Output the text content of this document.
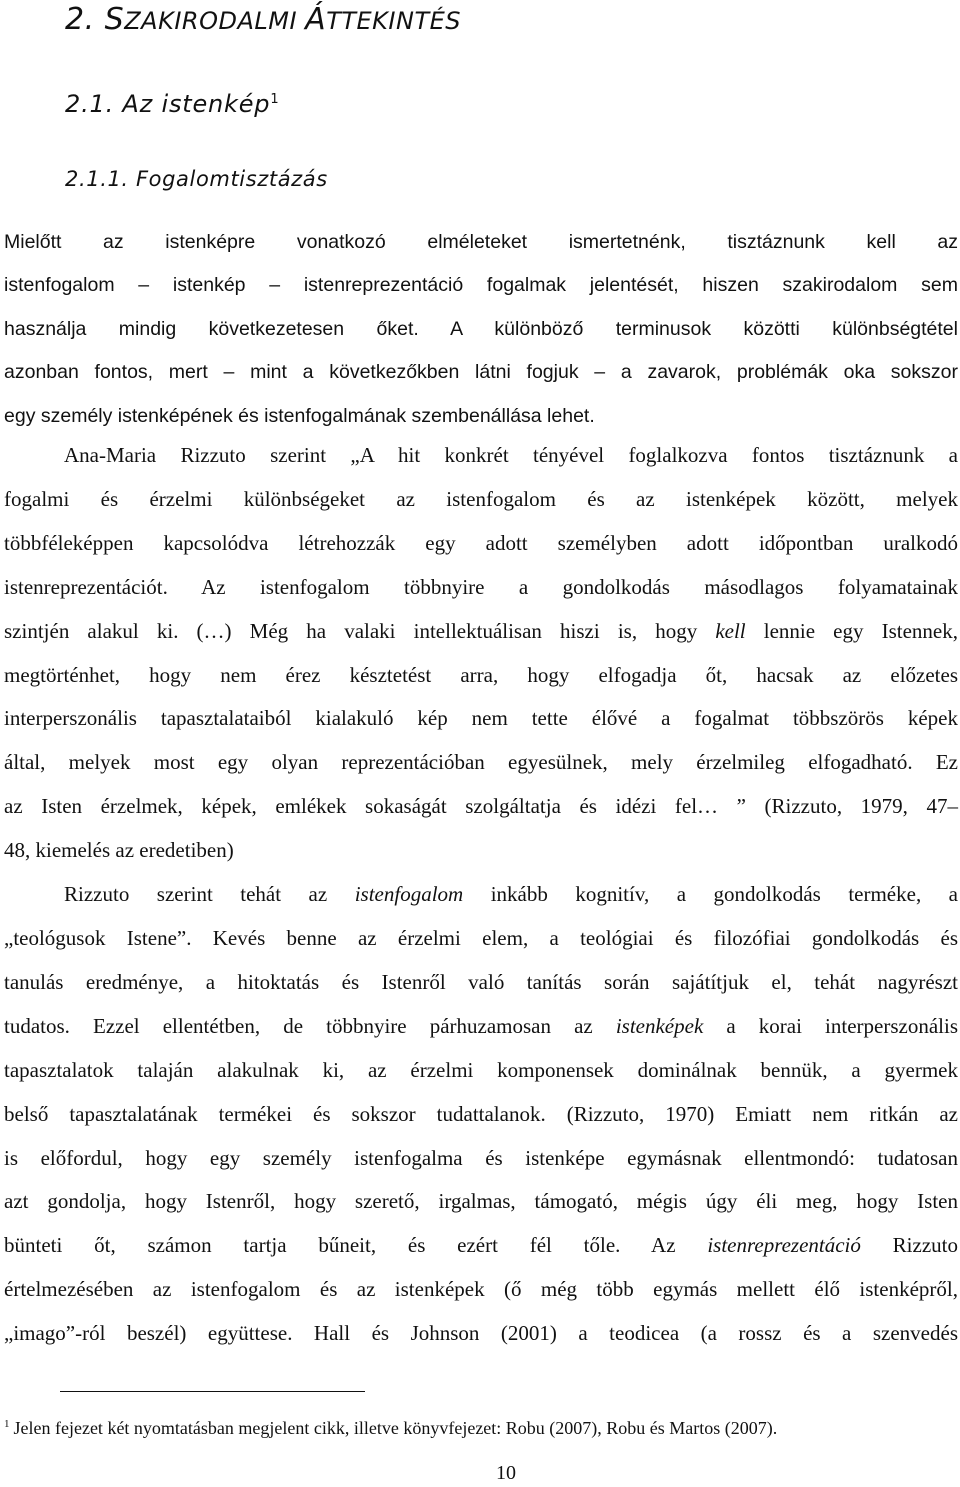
2. SZAKIRODALMI ÁTTEKINTÉS
2.1. Az istenkép$^1$
2.1.1. Fogalomtisztázás
Mielőtt az istenképre vonatkozó elméleteket ismertetnénk, tisztáznunk kell az
istenfogalom – istenkép – istenreprezentáció fogalmak jelentését, hiszen szakirodalom sem
használja mindig következetesen őket. A különböző terminusok közötti különbségtétel
azonban fontos, mert – mint a következőkben látni fogjuk – a zavarok, problémák oka sokszor
egy személy istenképének és istenfogalmának szembenállása lehet.
Ana-Maria Rizzuto szerint „A hit konkrét tényével foglalkozva fontos tisztáznunk a
fogalmi és érzelmi különbségeket az istenfogalom és az istenképek között, melyek
többféleképpen kapcsolódva létrehozzák egy adott személyben adott időpontban uralkodó
istenreprezentációt. Az istenfogalom többnyire a gondolkodás másodlagos folyamatainak
szintjén alakul ki. (…) Még ha valaki intellektuálisan hiszi is, hogy kell lennie egy Istennek,
megtörténhet, hogy nem érez késztetést arra, hogy elfogadja őt, hacsak az előzetes
interperszonális tapasztalataiból kialakuló kép nem tette élővé a fogalmat többszörös képek
által, melyek most egy olyan reprezentációban egyesülnek, mely érzelmileg elfogadható. Ez
az Isten érzelmek, képek, emlékek sokaságát szolgáltatja és idézi fel… ” (Rizzuto, 1979, 47–
48, kiemelés az eredetiben)
Rizzuto szerint tehát az istenfogalom inkább kognitív, a gondolkodás terméke, a
„teológusok Istene”. Kevés benne az érzelmi elem, a teológiai és filozófiai gondolkodás és
tanulás eredménye, a hitoktatás és Istenről való tanítás során sajátítjuk el, tehát nagyrészt
tudatos. Ezzel ellentétben, de többnyire párhuzamosan az istenképek a korai interperszonális
tapasztalatok talaján alakulnak ki, az érzelmi komponensek dominálnak bennük, a gyermek
belső tapasztalatának termékei és sokszor tudattalanok. (Rizzuto, 1970) Emiatt nem ritkán az
is előfordul, hogy egy személy istenfogalma és istenképe egymásnak ellentmondó: tudatosan
azt gondolja, hogy Istenről, hogy szerető, irgalmas, támogató, mégis úgy éli meg, hogy Isten
bünteti őt, számon tartja bűneit, és ezért fél tőle. Az istenreprezentáció Rizzuto
értelmezésében az istenfogalom és az istenképek (ő még több egymás mellett élő istenképről,
„imago”-ról beszél) együttese. Hall és Johnson (2001) a teodicea (a rossz és a szenvedés
$^1$ Jelen fejezet két nyomtatásban megjelent cikk, illetve könyvfejezet: Robu (2007), Robu és Martos (2007).
10
